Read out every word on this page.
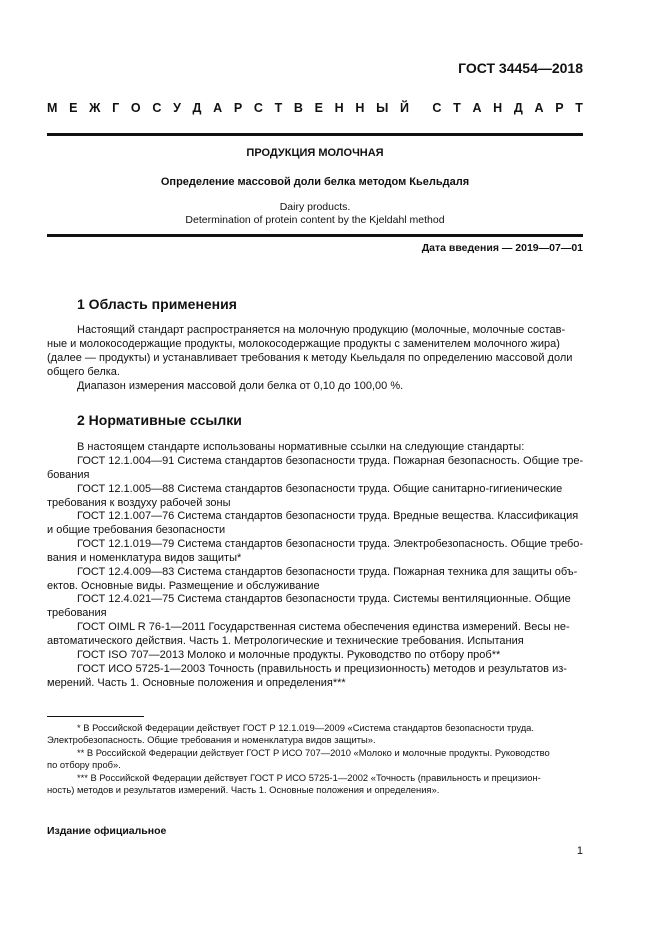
ГОСТ 34454—2018
М Е Ж Г О С У Д А Р С Т В Е Н Н Ы Й С Т А Н Д А Р Т
ПРОДУКЦИЯ МОЛОЧНАЯ
Определение массовой доли белка методом Кьельдаля
Dairy products.
Determination of protein content by the Kjeldahl method
Дата введения — 2019—07—01
1 Область применения
Настоящий стандарт распространяется на молочную продукцию (молочные, молочные состав-
ные и молокосодержащие продукты, молокосодержащие продукты с заменителем молочного жира)
(далее — продукты) и устанавливает требования к методу Кьельдаля по определению массовой доли
общего белка.
Диапазон измерения массовой доли белка от 0,10 до 100,00 %.
2 Нормативные ссылки
В настоящем стандарте использованы нормативные ссылки на следующие стандарты:
ГОСТ 12.1.004—91 Система стандартов безопасности труда. Пожарная безопасность. Общие тре-
бования
ГОСТ 12.1.005—88 Система стандартов безопасности труда. Общие санитарно-гигиенические
требования к воздуху рабочей зоны
ГОСТ 12.1.007—76 Система стандартов безопасности труда. Вредные вещества. Классификация
и общие требования безопасности
ГОСТ 12.1.019—79 Система стандартов безопасности труда. Электробезопасность. Общие требо-
вания и номенклатура видов защиты*
ГОСТ 12.4.009—83 Система стандартов безопасности труда. Пожарная техника для защиты объ-
ектов. Основные виды. Размещение и обслуживание
ГОСТ 12.4.021—75 Система стандартов безопасности труда. Системы вентиляционные. Общие
требования
ГОСТ OIML R 76-1—2011 Государственная система обеспечения единства измерений. Весы не-
автоматического действия. Часть 1. Метрологические и технические требования. Испытания
ГОСТ ISO 707—2013 Молоко и молочные продукты. Руководство по отбору проб**
ГОСТ ИСО 5725-1—2003 Точность (правильность и прецизионность) методов и результатов из-
мерений. Часть 1. Основные положения и определения***
* В Российской Федерации действует ГОСТ Р 12.1.019—2009 «Система стандартов безопасности труда.
Электробезопасность. Общие требования и номенклатура видов защиты».
** В Российской Федерации действует ГОСТ Р ИСО 707—2010 «Молоко и молочные продукты. Руководство
по отбору проб».
*** В Российской Федерации действует ГОСТ Р ИСО 5725-1—2002 «Точность (правильность и прецизион-
ность) методов и результатов измерений. Часть 1. Основные положения и определения».
Издание официальное
1
